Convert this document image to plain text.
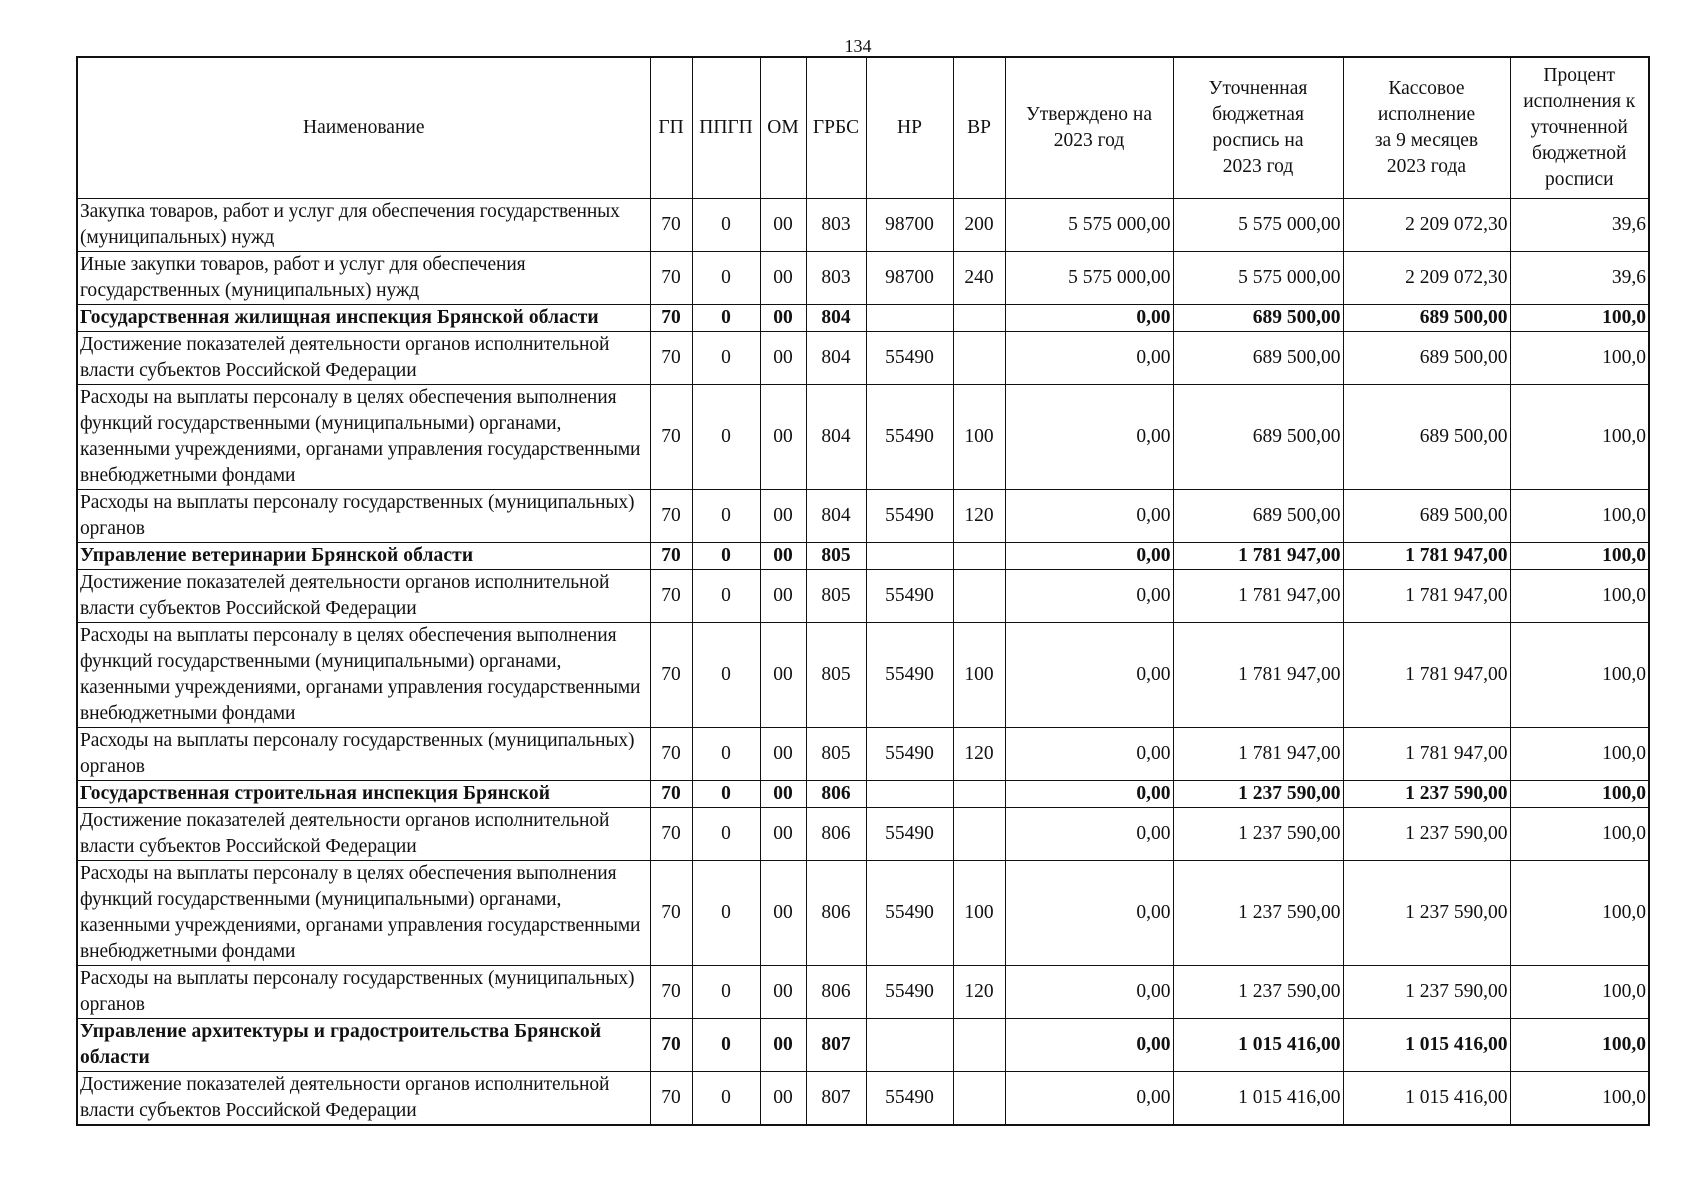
134
Наименование	ГП	ППГП	ОМ	ГРБС	НР	ВР	Утверждено на 2023 год	Уточненная бюджетная роспись на 2023 год	Кассовое исполнение за 9 месяцев 2023 года	Процент исполнения к уточненной бюджетной росписи
Закупка товаров, работ и услуг для обеспечения государственных (муниципальных) нужд	70	0	00	803	98700	200	5 575 000,00	5 575 000,00	2 209 072,30	39,6
Иные закупки товаров, работ и услуг для обеспечения государственных (муниципальных) нужд	70	0	00	803	98700	240	5 575 000,00	5 575 000,00	2 209 072,30	39,6
Государственная жилищная инспекция Брянской области	70	0	00	804			0,00	689 500,00	689 500,00	100,0
Достижение показателей деятельности органов исполнительной власти субъектов Российской Федерации	70	0	00	804	55490		0,00	689 500,00	689 500,00	100,0
Расходы на выплаты персоналу в целях обеспечения выполнения функций государственными (муниципальными) органами, казенными учреждениями, органами управления государственными внебюджетными фондами	70	0	00	804	55490	100	0,00	689 500,00	689 500,00	100,0
Расходы на выплаты персоналу государственных (муниципальных) органов	70	0	00	804	55490	120	0,00	689 500,00	689 500,00	100,0
Управление ветеринарии Брянской области	70	0	00	805			0,00	1 781 947,00	1 781 947,00	100,0
Достижение показателей деятельности органов исполнительной власти субъектов Российской Федерации	70	0	00	805	55490		0,00	1 781 947,00	1 781 947,00	100,0
Расходы на выплаты персоналу в целях обеспечения выполнения функций государственными (муниципальными) органами, казенными учреждениями, органами управления государственными внебюджетными фондами	70	0	00	805	55490	100	0,00	1 781 947,00	1 781 947,00	100,0
Расходы на выплаты персоналу государственных (муниципальных) органов	70	0	00	805	55490	120	0,00	1 781 947,00	1 781 947,00	100,0
Государственная строительная инспекция Брянской	70	0	00	806			0,00	1 237 590,00	1 237 590,00	100,0
Достижение показателей деятельности органов исполнительной власти субъектов Российской Федерации	70	0	00	806	55490		0,00	1 237 590,00	1 237 590,00	100,0
Расходы на выплаты персоналу в целях обеспечения выполнения функций государственными (муниципальными) органами, казенными учреждениями, органами управления государственными внебюджетными фондами	70	0	00	806	55490	100	0,00	1 237 590,00	1 237 590,00	100,0
Расходы на выплаты персоналу государственных (муниципальных) органов	70	0	00	806	55490	120	0,00	1 237 590,00	1 237 590,00	100,0
Управление архитектуры и градостроительства Брянской области	70	0	00	807			0,00	1 015 416,00	1 015 416,00	100,0
Достижение показателей деятельности органов исполнительной власти субъектов Российской Федерации	70	0	00	807	55490		0,00	1 015 416,00	1 015 416,00	100,0
